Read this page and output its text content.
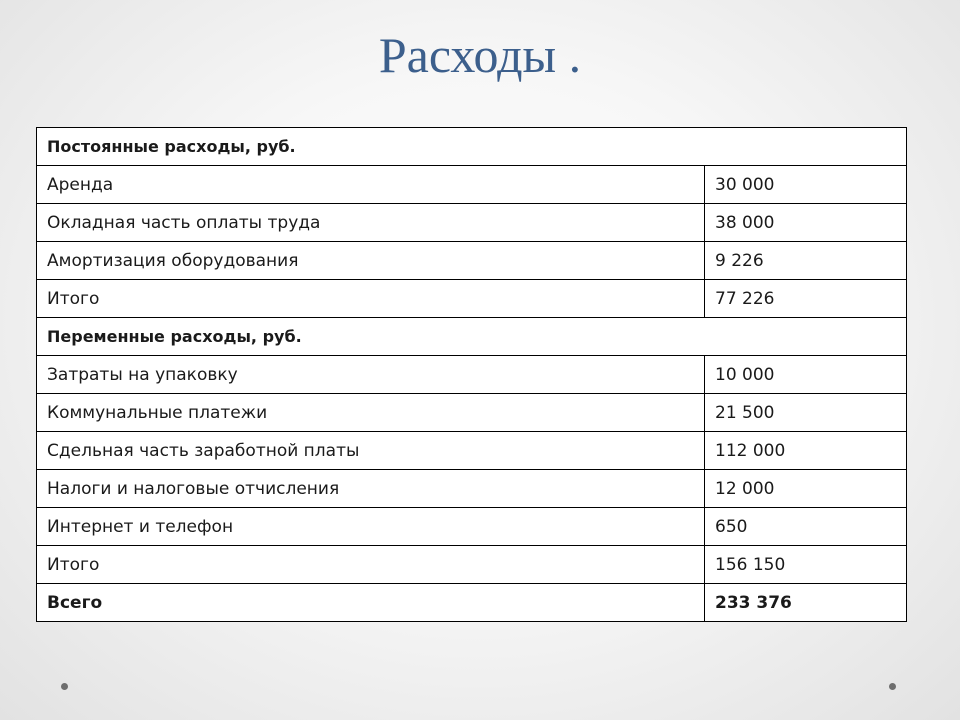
Расходы .
Постоянные расходы, руб.	
Аренда	30 000
Окладная часть оплаты труда	38 000
Амортизация оборудования	9 226
Итого	77 226
Переменные расходы, руб.	
Затраты на упаковку	10 000
Коммунальные платежи	21 500
Сдельная часть заработной платы	112 000
Налоги и налоговые отчисления	12 000
Интернет и телефон	650
Итого	156 150
Всего	233 376
